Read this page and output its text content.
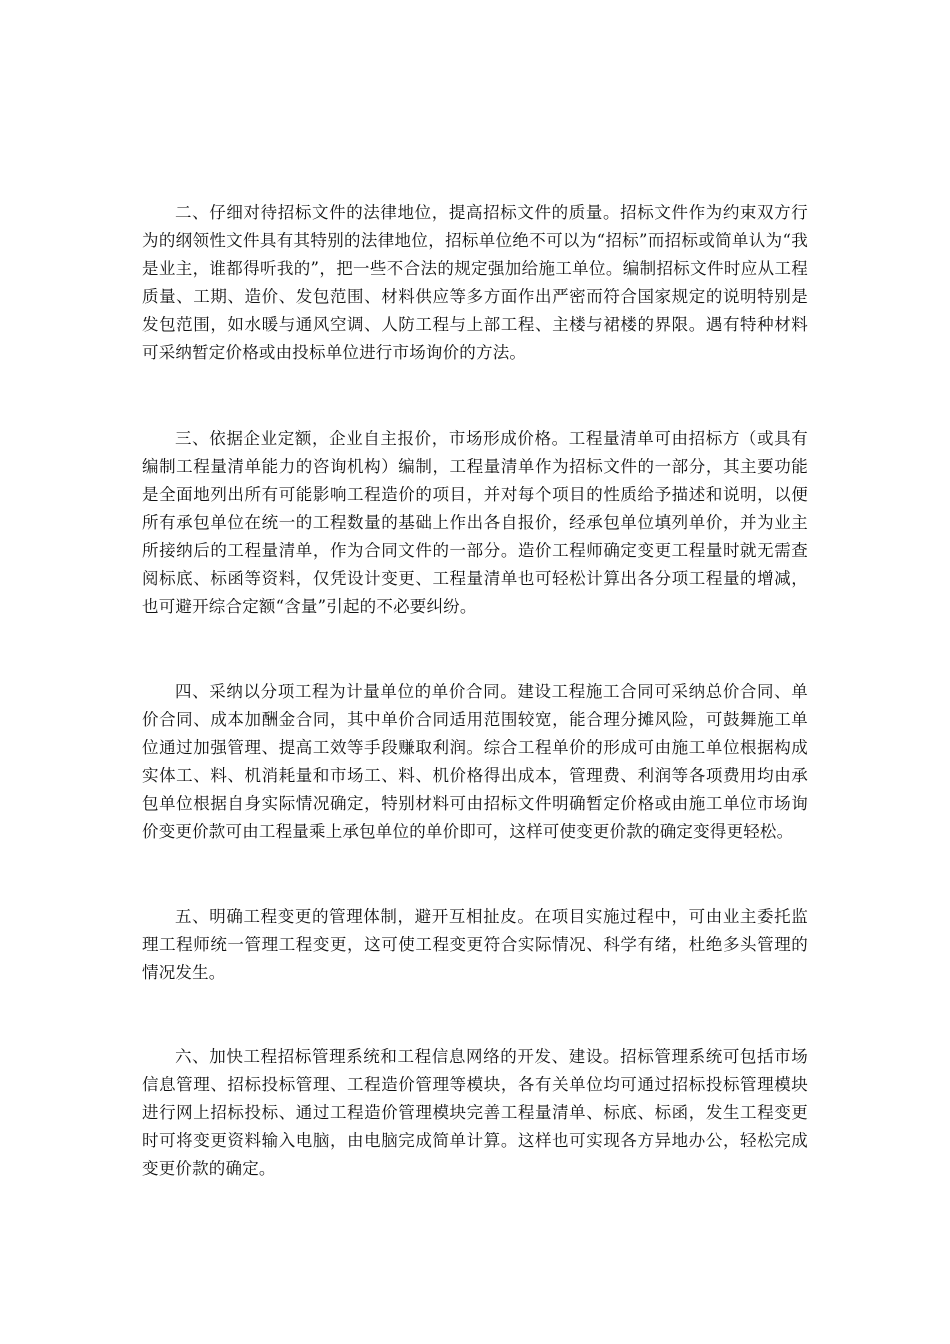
二、仔细对待招标文件的法律地位，提高招标文件的质量。招标文件作为约束双方行为的纲领性文件具有其特别的法律地位，招标单位绝不可以为“招标”而招标或简单认为“我是业主，谁都得听我的”，把一些不合法的规定强加给施工单位。编制招标文件时应从工程质量、工期、造价、发包范围、材料供应等多方面作出严密而符合国家规定的说明特别是发包范围，如水暖与通风空调、人防工程与上部工程、主楼与裙楼的界限。遇有特种材料可采纳暂定价格或由投标单位进行市场询价的方法。

三、依据企业定额，企业自主报价，市场形成价格。工程量清单可由招标方（或具有编制工程量清单能力的咨询机构）编制，工程量清单作为招标文件的一部分，其主要功能是全面地列出所有可能影响工程造价的项目，并对每个项目的性质给予描述和说明，以便所有承包单位在统一的工程数量的基础上作出各自报价，经承包单位填列单价，并为业主所接纳后的工程量清单，作为合同文件的一部分。造价工程师确定变更工程量时就无需查阅标底、标函等资料，仅凭设计变更、工程量清单也可轻松计算出各分项工程量的增减，也可避开综合定额“含量”引起的不必要纠纷。

四、采纳以分项工程为计量单位的单价合同。建设工程施工合同可采纳总价合同、单价合同、成本加酬金合同，其中单价合同适用范围较宽，能合理分摊风险，可鼓舞施工单位通过加强管理、提高工效等手段赚取利润。综合工程单价的形成可由施工单位根据构成实体工、料、机消耗量和市场工、料、机价格得出成本，管理费、利润等各项费用均由承包单位根据自身实际情况确定，特别材料可由招标文件明确暂定价格或由施工单位市场询价变更价款可由工程量乘上承包单位的单价即可，这样可使变更价款的确定变得更轻松。

五、明确工程变更的管理体制，避开互相扯皮。在项目实施过程中，可由业主委托监理工程师统一管理工程变更，这可使工程变更符合实际情况、科学有绪，杜绝多头管理的情况发生。

六、加快工程招标管理系统和工程信息网络的开发、建设。招标管理系统可包括市场信息管理、招标投标管理、工程造价管理等模块，各有关单位均可通过招标投标管理模块进行网上招标投标、通过工程造价管理模块完善工程量清单、标底、标函，发生工程变更时可将变更资料输入电脑，由电脑完成简单计算。这样也可实现各方异地办公，轻松完成变更价款的确定。
